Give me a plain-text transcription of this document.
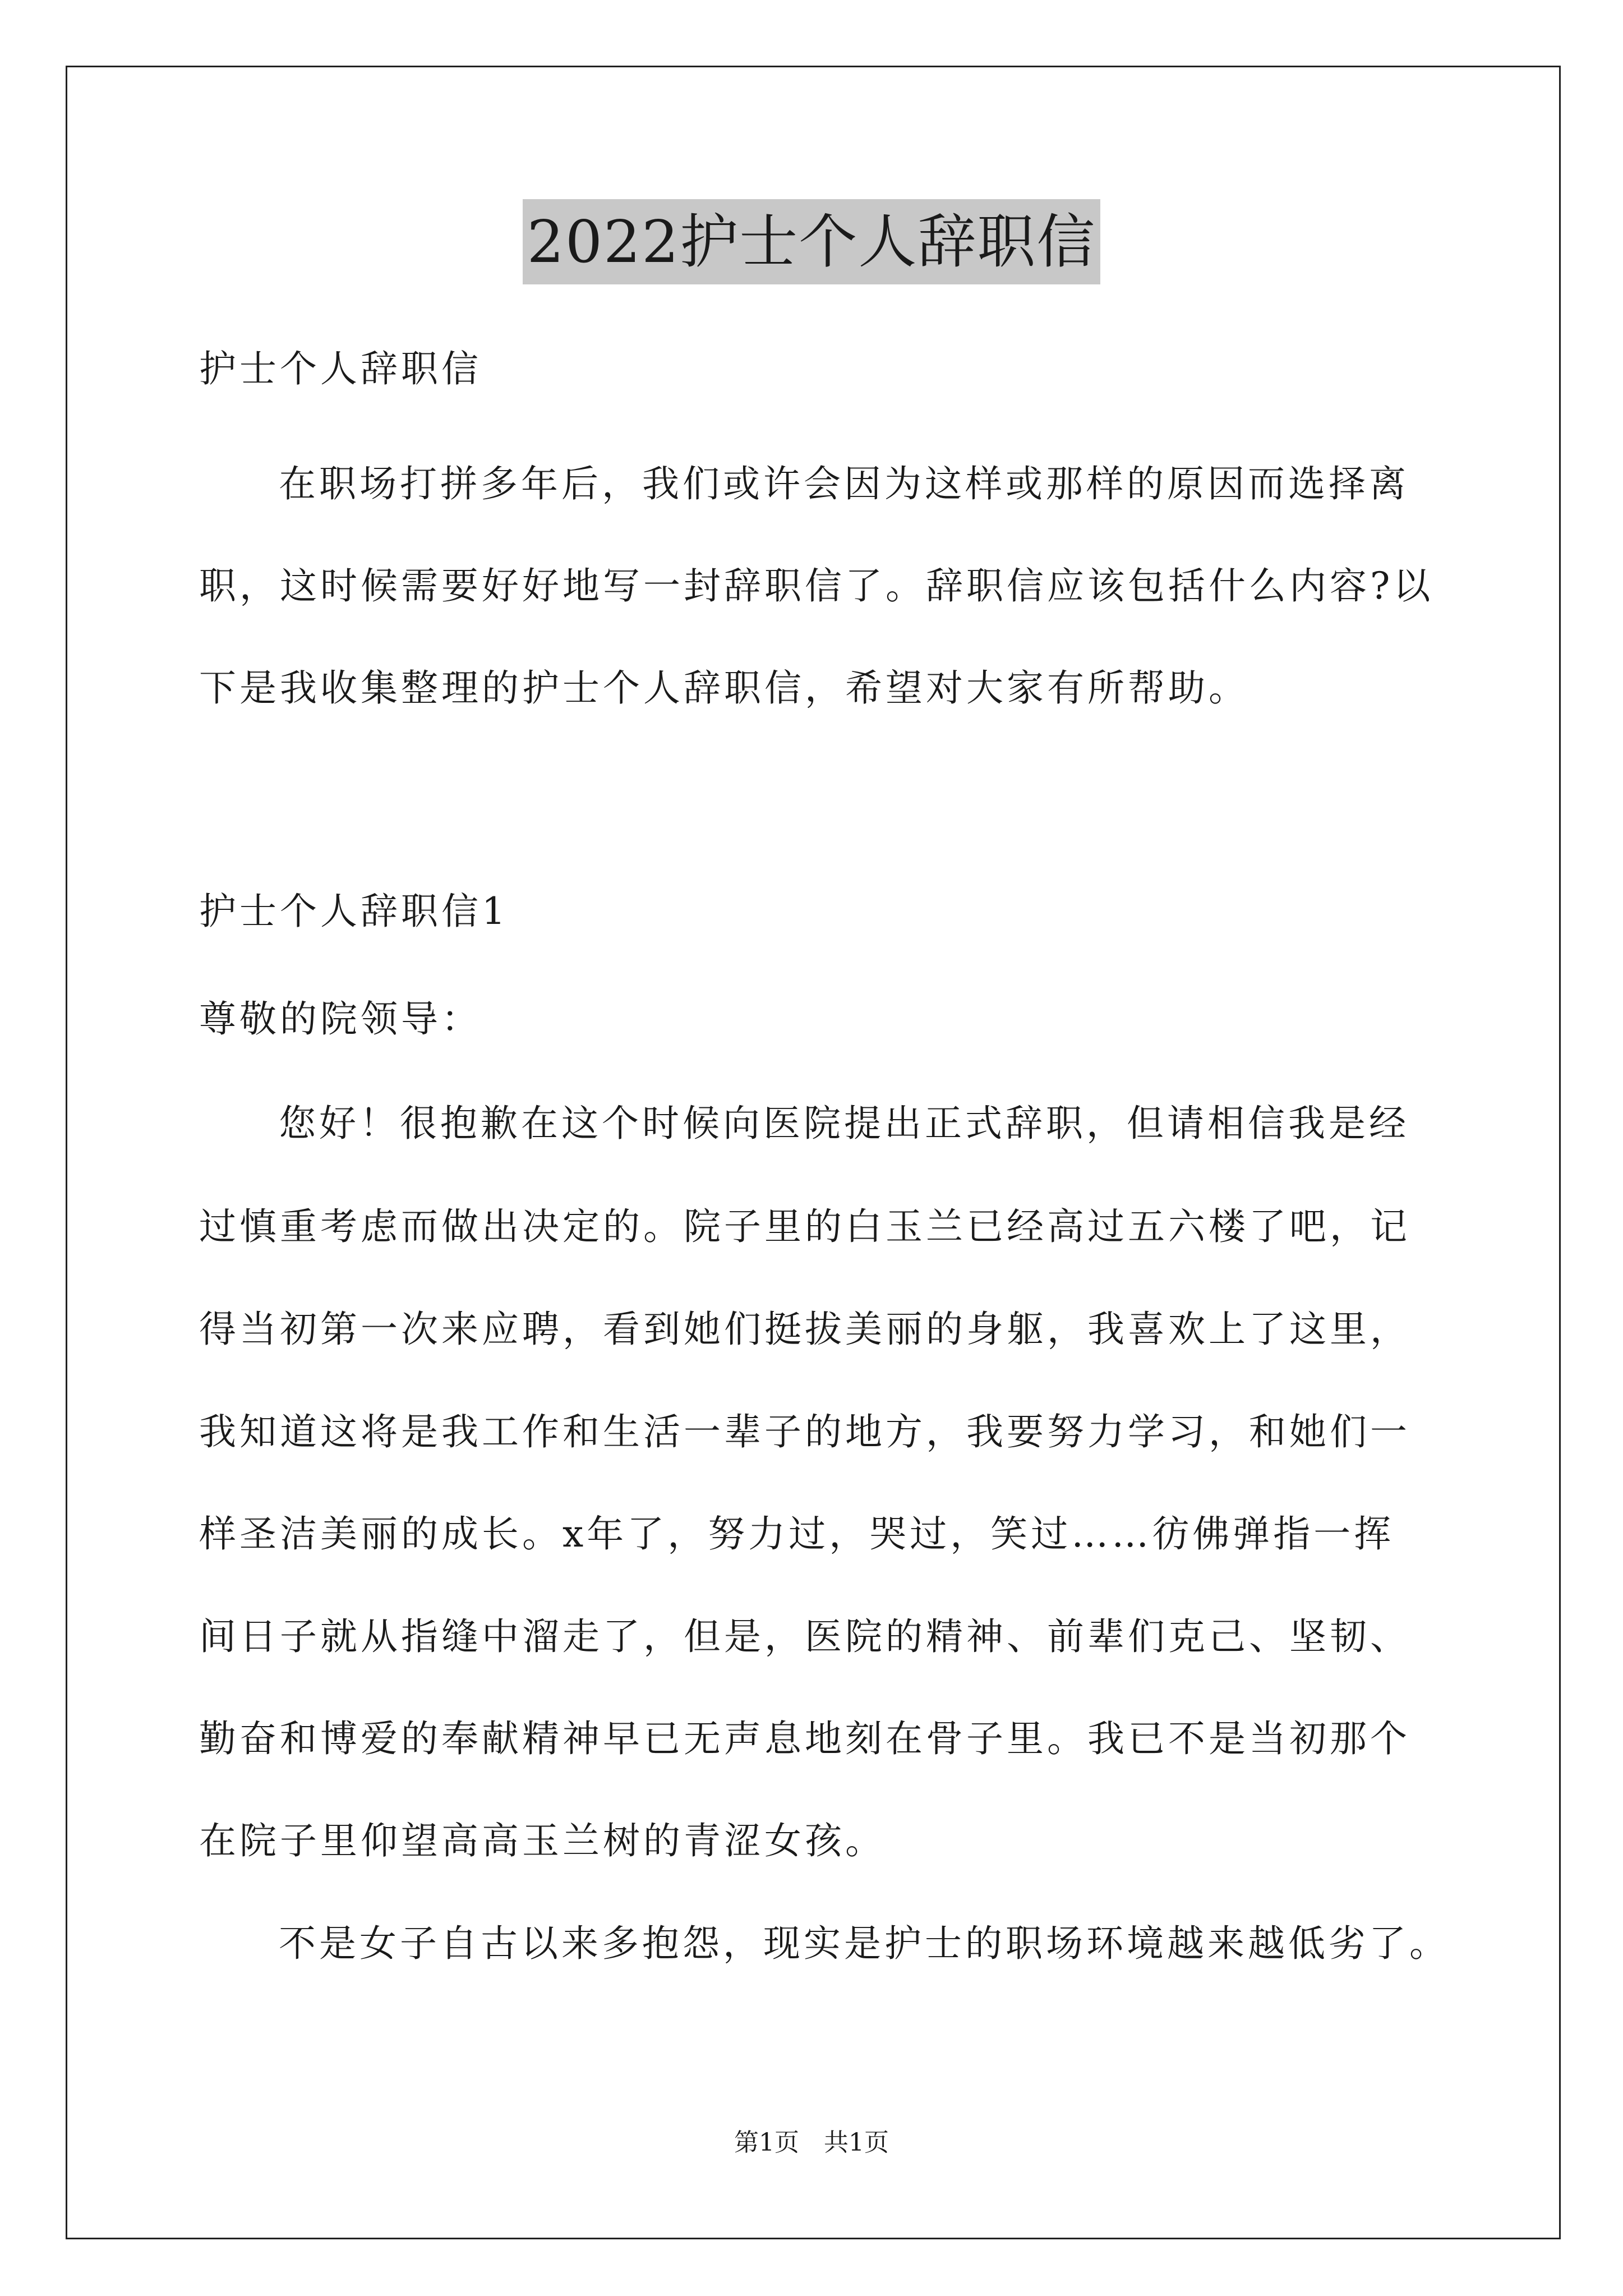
2022护士个人辞职信
护士个人辞职信
在职场打拼多年后，我们或许会因为这样或那样的原因而选择离
职，这时候需要好好地写一封辞职信了。辞职信应该包括什么内容?以
下是我收集整理的护士个人辞职信，希望对大家有所帮助。
护士个人辞职信1
尊敬的院领导：
您好！很抱歉在这个时候向医院提出正式辞职，但请相信我是经
过慎重考虑而做出决定的。院子里的白玉兰已经高过五六楼了吧，记
得当初第一次来应聘，看到她们挺拔美丽的身躯，我喜欢上了这里，
我知道这将是我工作和生活一辈子的地方，我要努力学习，和她们一
样圣洁美丽的成长。x年了，努力过，哭过，笑过……彷佛弹指一挥
间日子就从指缝中溜走了，但是，医院的精神、前辈们克己、坚韧、
勤奋和博爱的奉献精神早已无声息地刻在骨子里。我已不是当初那个
在院子里仰望高高玉兰树的青涩女孩。
不是女子自古以来多抱怨，现实是护士的职场环境越来越低劣了。
第1页　共1页
